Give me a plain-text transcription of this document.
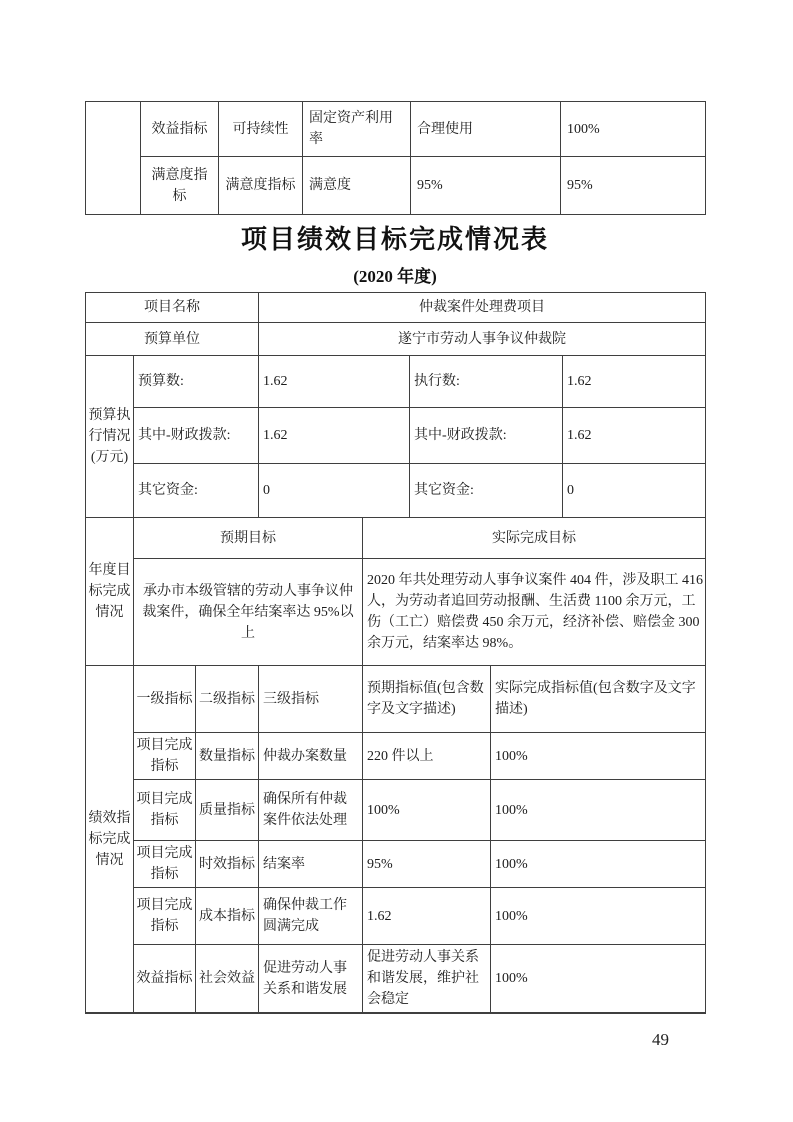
	效益指标	可持续性	固定资产利用率	合理使用	100%
	满意度指标	满意度指标	满意度	95%	95%
项目绩效目标完成情况表
(2020 年度)
项目名称			仲裁案件处理费项目				
预算单位			遂宁市劳动人事争议仲裁院				
预算执行情况(万元)	预算数:		1.62		执行数:		1.62
	其中-财政拨款:		1.62		其中-财政拨款:		1.62
	其它资金:		0		其它资金:		0
年度目标完成情况	预期目标			实际完成目标			
	承办市本级管辖的劳动人事争议仲裁案件，确保全年结案率达 95%以上			2020 年共处理劳动人事争议案件 404 件，涉及职工 416 人，为劳动者追回劳动报酬、生活费 1100 余万元，工伤（工亡）赔偿费 450 余万元，经济补偿、赔偿金 300 余万元，结案率达 98%。			
绩效指标完成情况	一级指标	二级指标	三级指标	预期指标值(包含数字及文字描述)		实际完成指标值(包含数字及文字描述)	
	项目完成指标	数量指标	仲裁办案数量	220 件以上		100%	
	项目完成指标	质量指标	确保所有仲裁案件依法处理	100%		100%	
	项目完成指标	时效指标	结案率	95%		100%	
	项目完成指标	成本指标	确保仲裁工作圆满完成	1.62		100%	
	效益指标	社会效益	促进劳动人事关系和谐发展	促进劳动人事关系和谐发展，维护社会稳定		100%	
49
